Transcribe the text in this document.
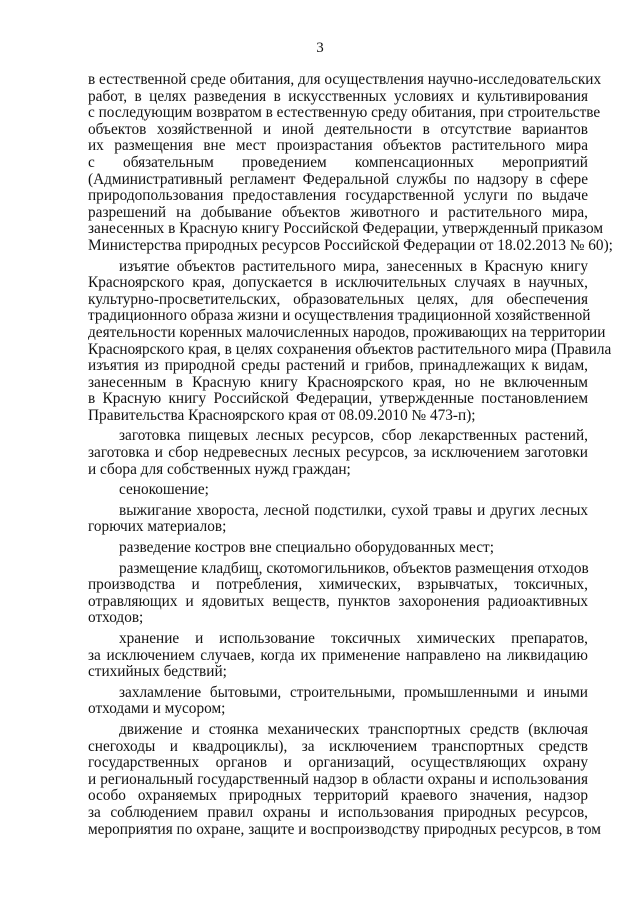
3
в естественной среде обитания, для осуществления научно-исследовательских
работ, в целях разведения в искусственных условиях и культивирования
с последующим возвратом в естественную среду обитания, при строительстве
объектов хозяйственной и иной деятельности в отсутствие вариантов
их размещения вне мест произрастания объектов растительного мира
с обязательным проведением компенсационных мероприятий
(Административный регламент Федеральной службы по надзору в сфере
природопользования предоставления государственной услуги по выдаче
разрешений на добывание объектов животного и растительного мира,
занесенных в Красную книгу Российской Федерации, утвержденный приказом
Министерства природных ресурсов Российской Федерации от 18.02.2013 № 60);
изъятие объектов растительного мира, занесенных в Красную книгу
Красноярского края, допускается в исключительных случаях в научных,
культурно-просветительских, образовательных целях, для обеспечения
традиционного образа жизни и осуществления традиционной хозяйственной
деятельности коренных малочисленных народов, проживающих на территории
Красноярского края, в целях сохранения объектов растительного мира (Правила
изъятия из природной среды растений и грибов, принадлежащих к видам,
занесенным в Красную книгу Красноярского края, но не включенным
в Красную книгу Российской Федерации, утвержденные постановлением
Правительства Красноярского края от 08.09.2010 № 473-п);
заготовка пищевых лесных ресурсов, сбор лекарственных растений,
заготовка и сбор недревесных лесных ресурсов, за исключением заготовки
и сбора для собственных нужд граждан;
сенокошение;
выжигание хвороста, лесной подстилки, сухой травы и других лесных
горючих материалов;
разведение костров вне специально оборудованных мест;
размещение кладбищ, скотомогильников, объектов размещения отходов
производства и потребления, химических, взрывчатых, токсичных,
отравляющих и ядовитых веществ, пунктов захоронения радиоактивных
отходов;
хранение и использование токсичных химических препаратов,
за исключением случаев, когда их применение направлено на ликвидацию
стихийных бедствий;
захламление бытовыми, строительными, промышленными и иными
отходами и мусором;
движение и стоянка механических транспортных средств (включая
снегоходы и квадроциклы), за исключением транспортных средств
государственных органов и организаций, осуществляющих охрану
и региональный государственный надзор в области охраны и использования
особо охраняемых природных территорий краевого значения, надзор
за соблюдением правил охраны и использования природных ресурсов,
мероприятия по охране, защите и воспроизводству природных ресурсов, в том
